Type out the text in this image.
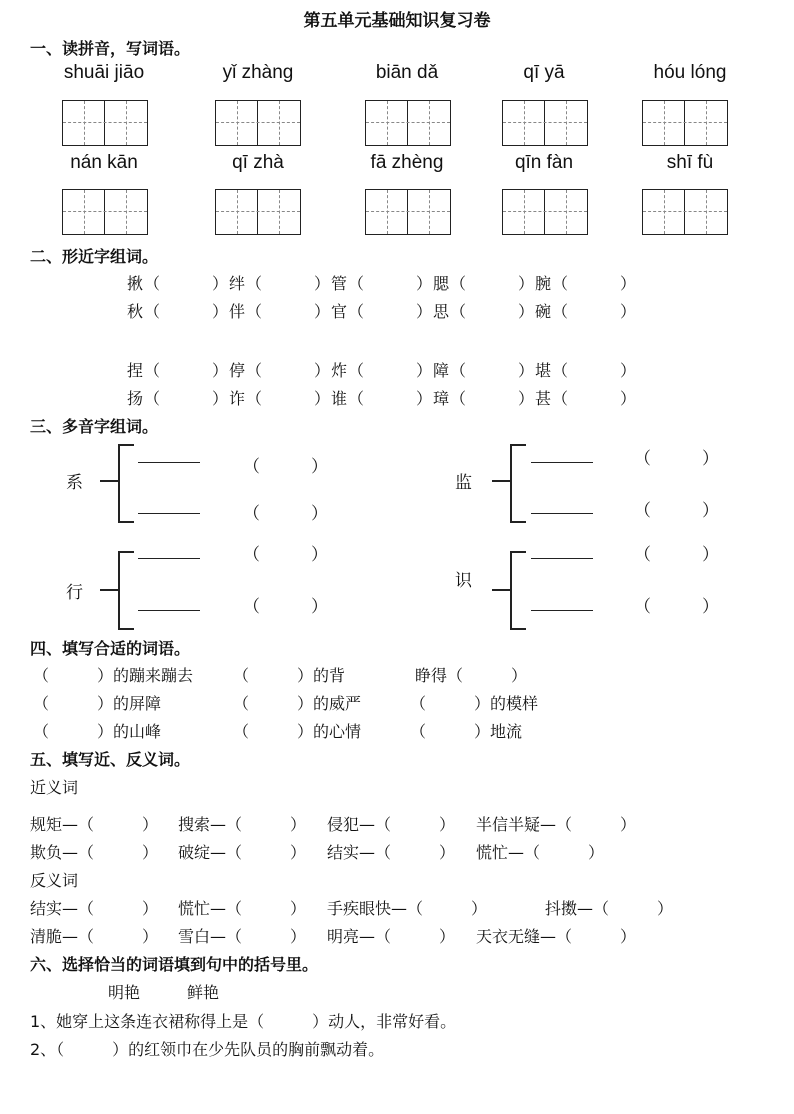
第五单元基础知识复习卷
一、读拼音，写词语。
shuāi jiāo	yǐ zhàng	biān dǎ	qī yā	hóu lóng
nán kān	qī zhà	fā zhèng	qīn fàn	shī fù
二、形近字组词。
揪（　　　）绊（　　　）管（　　　）腮（　　　）腕（　　　）
秋（　　　）伴（　　　）官（　　　）思（　　　）碗（　　　）
捏（　　　）停（　　　）炸（　　　）障（　　　）堪（　　　）
扬（　　　）诈（　　　）谁（　　　）璋（　　　）甚（　　　）
三、多音字组词。
系
（　　　）
（　　　）
监
（　　　）
（　　　）
行
（　　　）
（　　　）
识
（　　　）
（　　　）
四、填写合适的词语。
（　　　）的蹦来蹦去 （　　　）的背	睁得（　　　）
（　　　）的屏障	（　　　）的威严	（　　　）的模样
（　　　）的山峰	（　　　）的心情	（　　　）地流
五、填写近、反义词。
近义词
规矩—（　　　） 搜索—（　　　） 侵犯—（　　　） 半信半疑—（　　　）
欺负—（　　　） 破绽—（　　　） 结实—（　　　） 慌忙—（　　　）
反义词
结实—（　　　） 慌忙—（　　　） 手疾眼快—（　　　）	抖擞—（　　　）
清脆—（　　　） 雪白—（　　　） 明亮—（　　　） 天衣无缝—（　　　）
六、选择恰当的词语填到句中的括号里。
明艳	鲜艳
1、她穿上这条连衣裙称得上是（　　　）动人，非常好看。
2、（　　　）的红领巾在少先队员的胸前飘动着。
